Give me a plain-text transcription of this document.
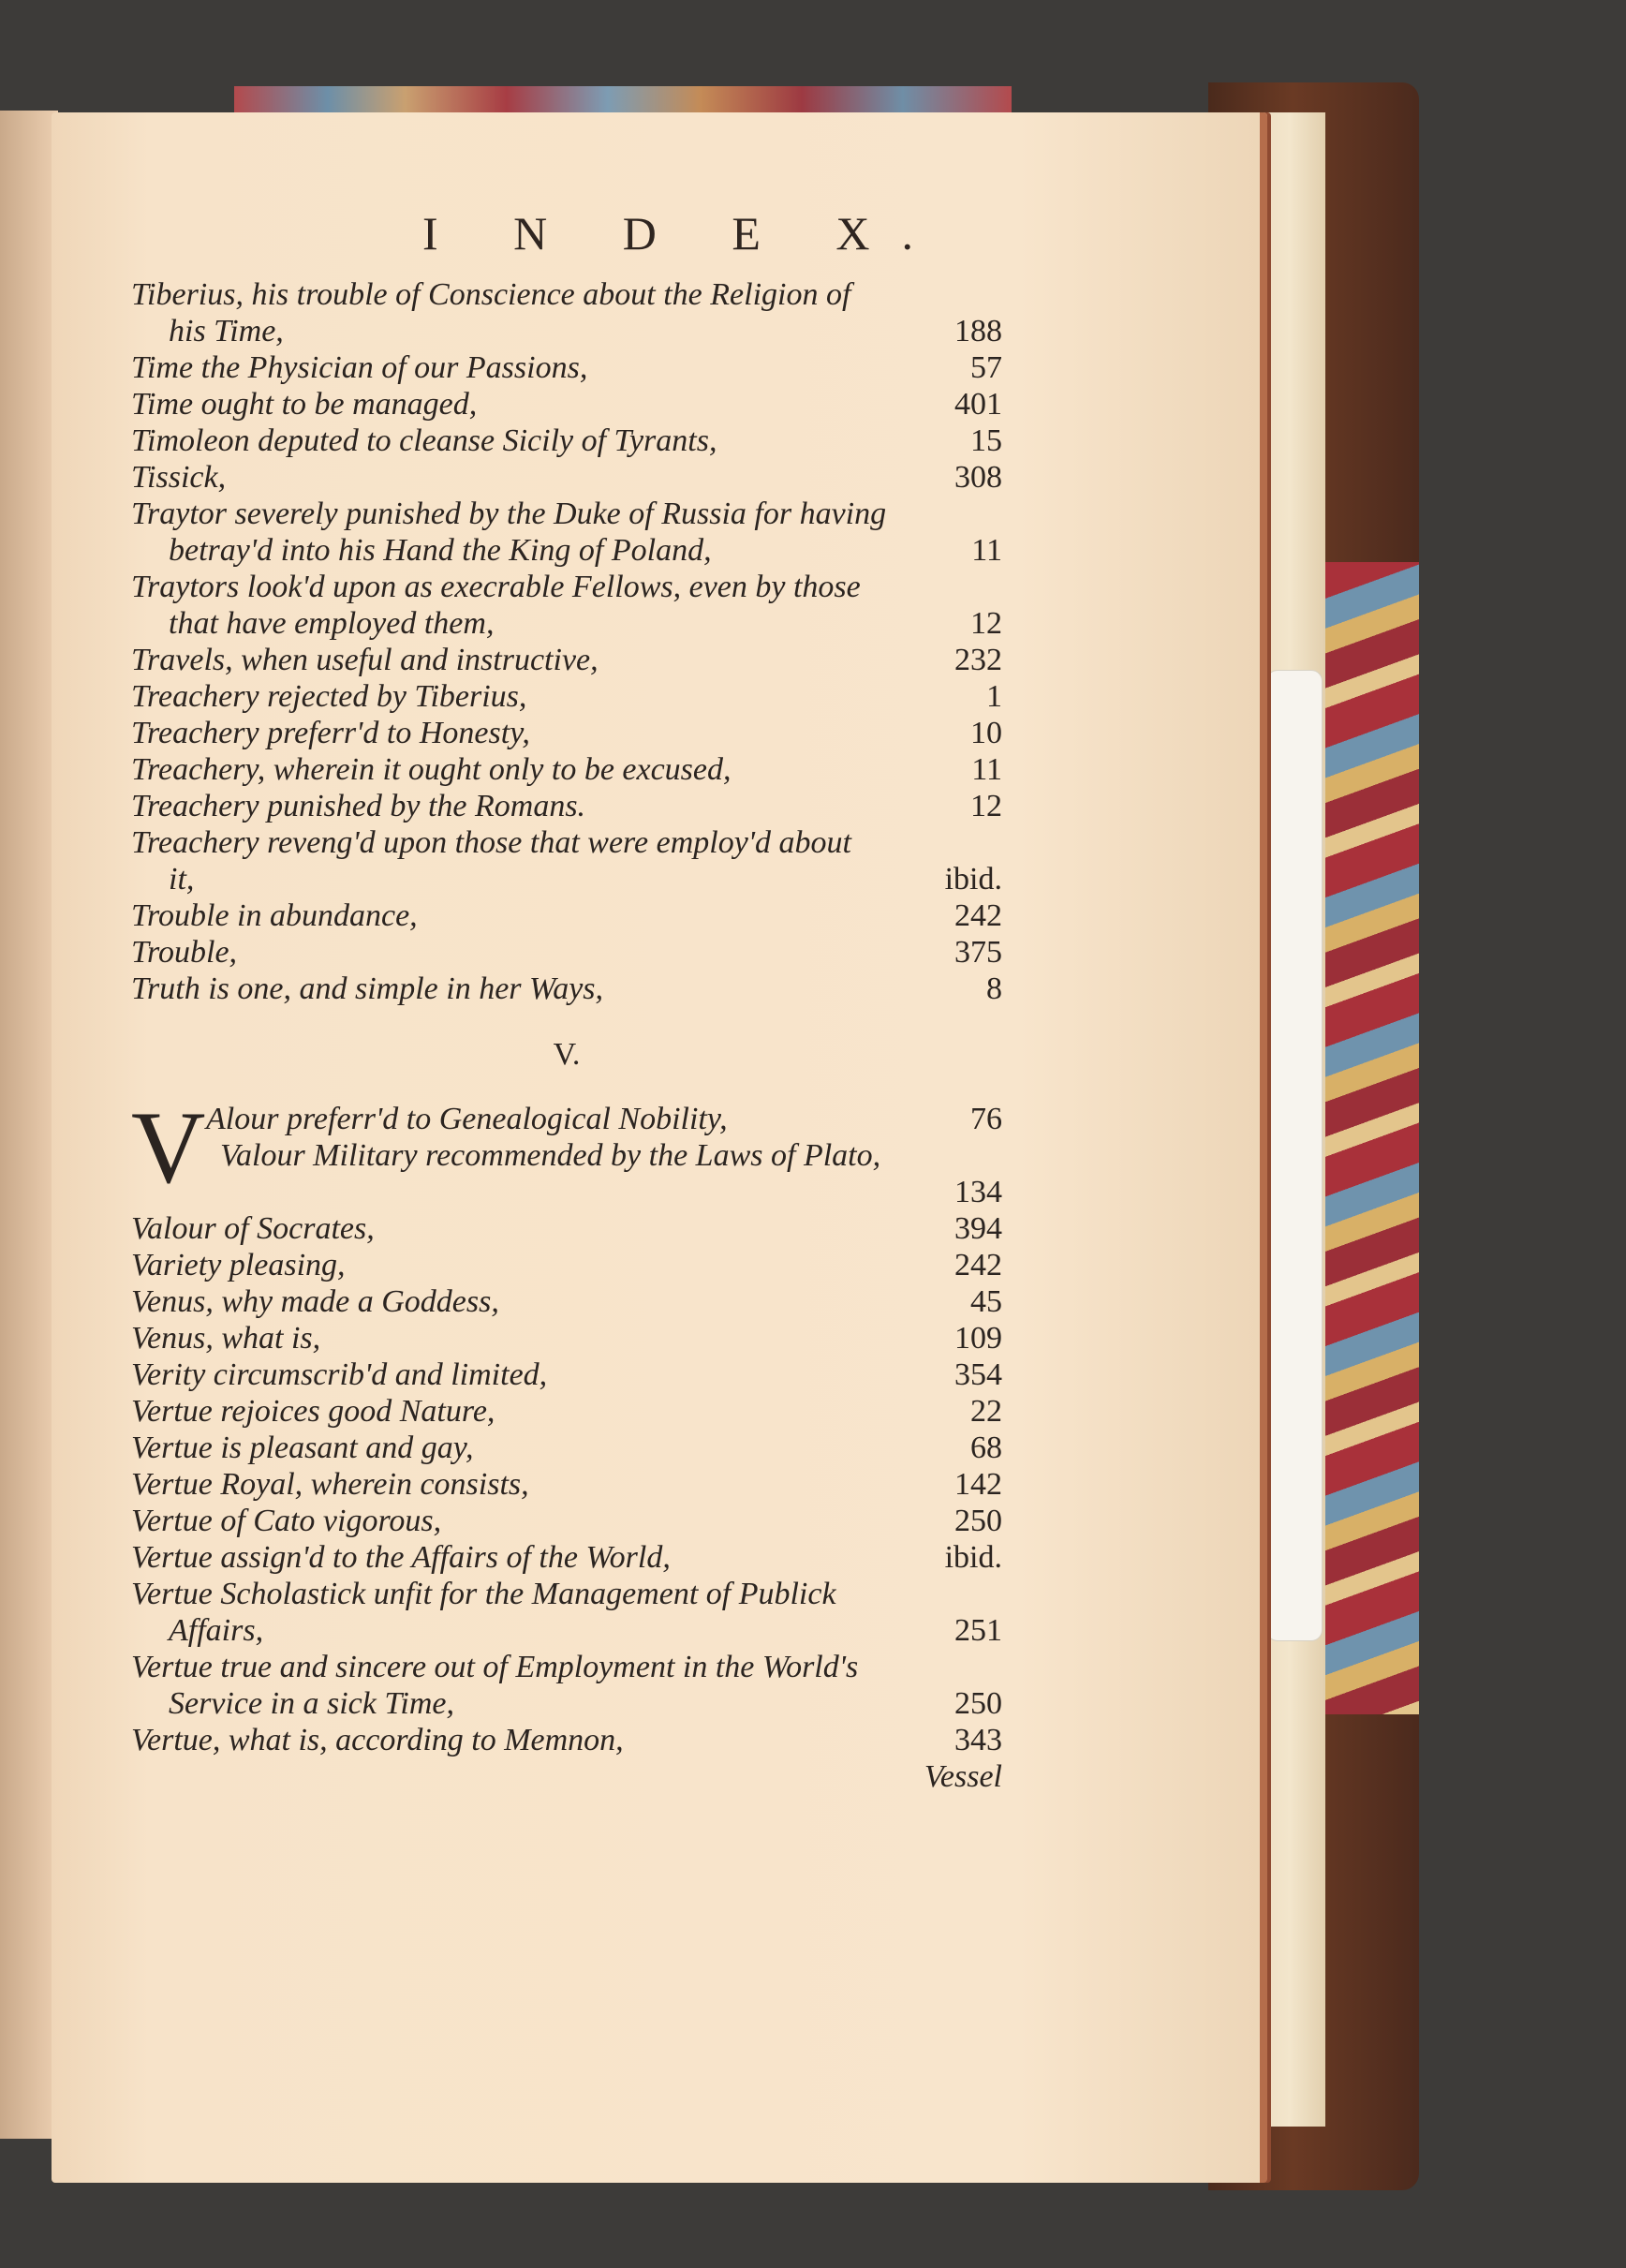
I N D E X.
Tiberius, his trouble of Conscience about the Religion of
his Time,	188
Time the Physician of our Passions,	57
Time ought to be managed,	401
Timoleon deputed to cleanse Sicily of Tyrants,	15
Tissick,	308
Traytor severely punished by the Duke of Russia for having
betray'd into his Hand the King of Poland,	11
Traytors look'd upon as execrable Fellows, even by those
that have employed them,	12
Travels, when useful and instructive,	232
Treachery rejected by Tiberius,	1
Treachery preferr'd to Honesty,	10
Treachery, wherein it ought only to be excused,	11
Treachery punished by the Romans.	12
Treachery reveng'd upon those that were employ'd about
it,	ibid.
Trouble in abundance,	242
Trouble,	375
Truth is one, and simple in her Ways,	8
V.
V Alour preferr'd to Genealogical Nobility,	76
Valour Military recommended by the Laws of Plato,
134
Valour of Socrates,	394
Variety pleasing,	242
Venus, why made a Goddess,	45
Venus, what is,	109
Verity circumscrib'd and limited,	354
Vertue rejoices good Nature,	22
Vertue is pleasant and gay,	68
Vertue Royal, wherein consists,	142
Vertue of Cato vigorous,	250
Vertue assign'd to the Affairs of the World,	ibid.
Vertue Scholastick unfit for the Management of Publick
Affairs,	251
Vertue true and sincere out of Employment in the World's
Service in a sick Time,	250
Vertue, what is, according to Memnon,	343
Vessel
